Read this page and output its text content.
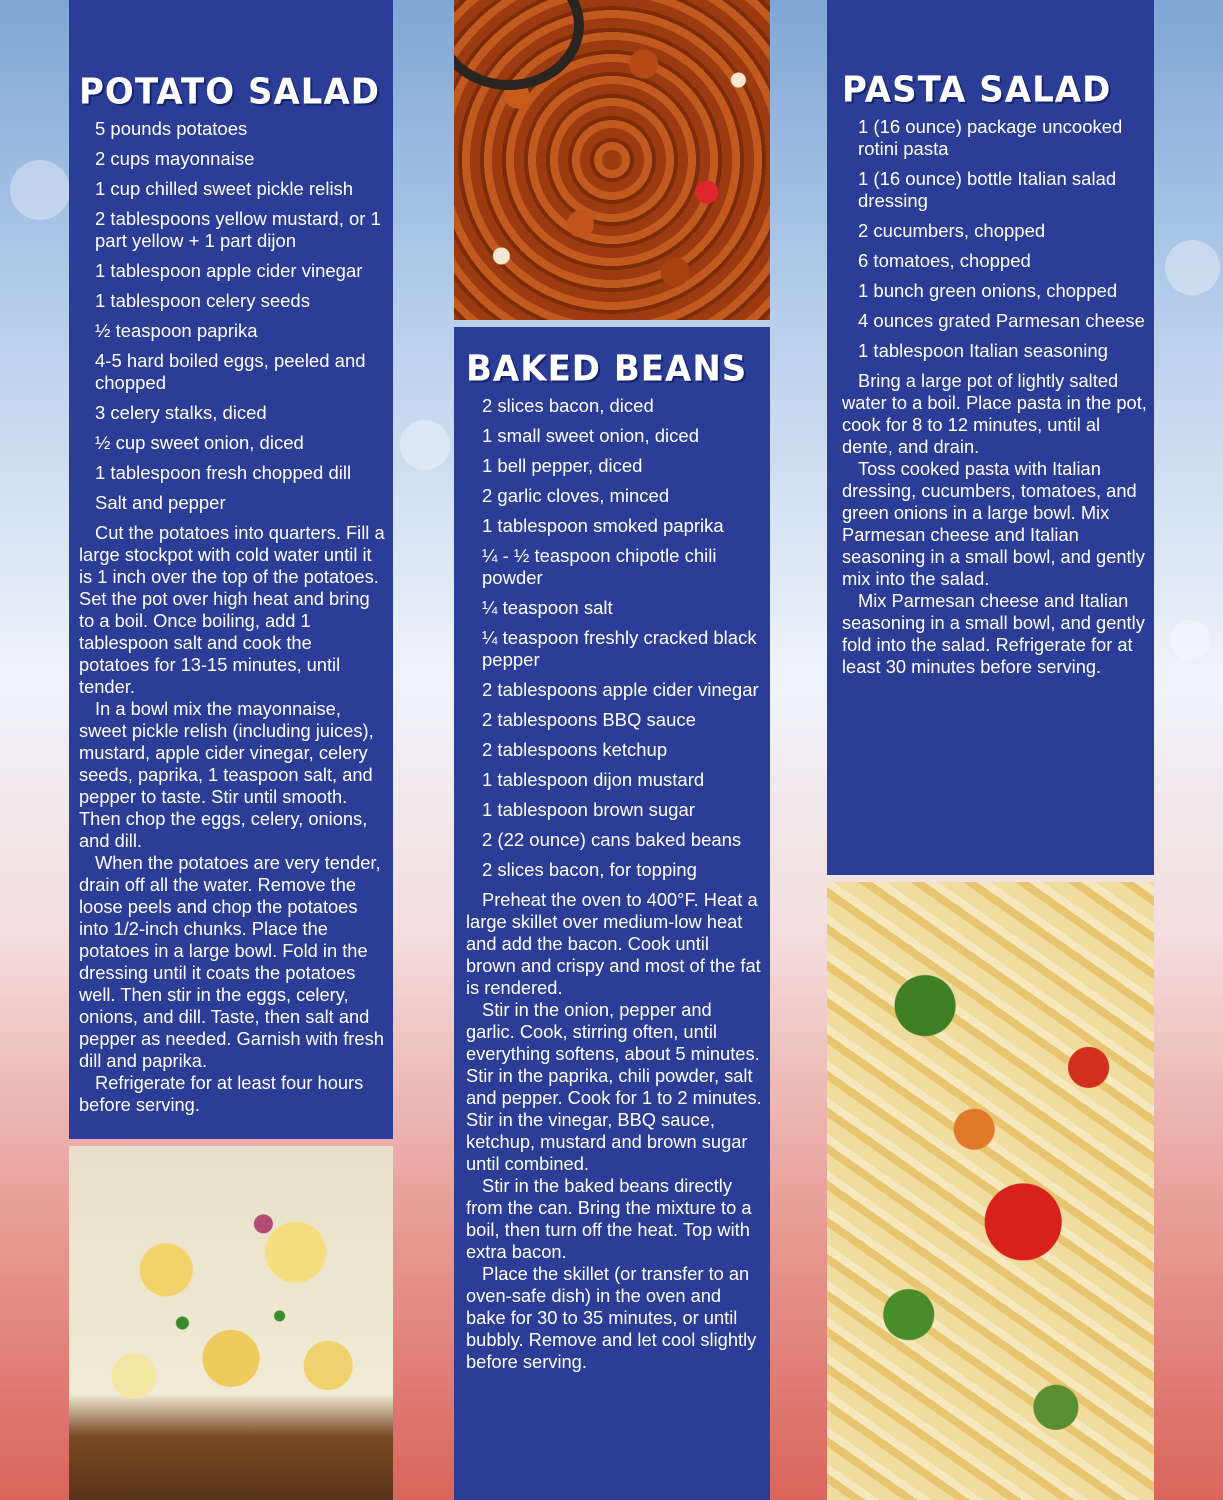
POTATO SALAD
5 pounds potatoes
2 cups mayonnaise
1 cup chilled sweet pickle relish
2 tablespoons yellow mustard, or 1 part yellow + 1 part dijon
1 tablespoon apple cider vinegar
1 tablespoon celery seeds
½ teaspoon paprika
4-5 hard boiled eggs, peeled and chopped
3 celery stalks, diced
½ cup sweet onion, diced
1 tablespoon fresh chopped dill
Salt and pepper

Cut the potatoes into quarters. Fill a large stockpot with cold water until it is 1 inch over the top of the potatoes. Set the pot over high heat and bring to a boil. Once boiling, add 1 tablespoon salt and cook the potatoes for 13-15 minutes, until tender.

In a bowl mix the mayonnaise, sweet pickle relish (including juices), mustard, apple cider vinegar, celery seeds, paprika, 1 teaspoon salt, and pepper to taste. Stir until smooth. Then chop the eggs, celery, onions, and dill.

When the potatoes are very tender, drain off all the water. Remove the loose peels and chop the potatoes into 1/2-inch chunks. Place the potatoes in a large bowl. Fold in the dressing until it coats the potatoes well. Then stir in the eggs, celery, onions, and dill. Taste, then salt and pepper as needed. Garnish with fresh dill and paprika.

Refrigerate for at least four hours before serving.

BAKED BEANS
2 slices bacon, diced
1 small sweet onion, diced
1 bell pepper, diced
2 garlic cloves, minced
1 tablespoon smoked paprika
¼ - ½ teaspoon chipotle chili powder
¼ teaspoon salt
¼ teaspoon freshly cracked black pepper
2 tablespoons apple cider vinegar
2 tablespoons BBQ sauce
2 tablespoons ketchup
1 tablespoon dijon mustard
1 tablespoon brown sugar
2 (22 ounce) cans baked beans
2 slices bacon, for topping

Preheat the oven to 400°F. Heat a large skillet over medium-low heat and add the bacon. Cook until brown and crispy and most of the fat is rendered.

Stir in the onion, pepper and garlic. Cook, stirring often, until everything softens, about 5 minutes. Stir in the paprika, chili powder, salt and pepper. Cook for 1 to 2 minutes. Stir in the vinegar, BBQ sauce, ketchup, mustard and brown sugar until combined.

Stir in the baked beans directly from the can. Bring the mixture to a boil, then turn off the heat. Top with extra bacon.

Place the skillet (or transfer to an oven-safe dish) in the oven and bake for 30 to 35 minutes, or until bubbly. Remove and let cool slightly before serving.

PASTA SALAD
1 (16 ounce) package uncooked rotini pasta
1 (16 ounce) bottle Italian salad dressing
2 cucumbers, chopped
6 tomatoes, chopped
1 bunch green onions, chopped
4 ounces grated Parmesan cheese
1 tablespoon Italian seasoning

Bring a large pot of lightly salted water to a boil. Place pasta in the pot, cook for 8 to 12 minutes, until al dente, and drain.

Toss cooked pasta with Italian dressing, cucumbers, tomatoes, and green onions in a large bowl. Mix Parmesan cheese and Italian seasoning in a small bowl, and gently mix into the salad.

Mix Parmesan cheese and Italian seasoning in a small bowl, and gently fold into the salad. Refrigerate for at least 30 minutes before serving.
